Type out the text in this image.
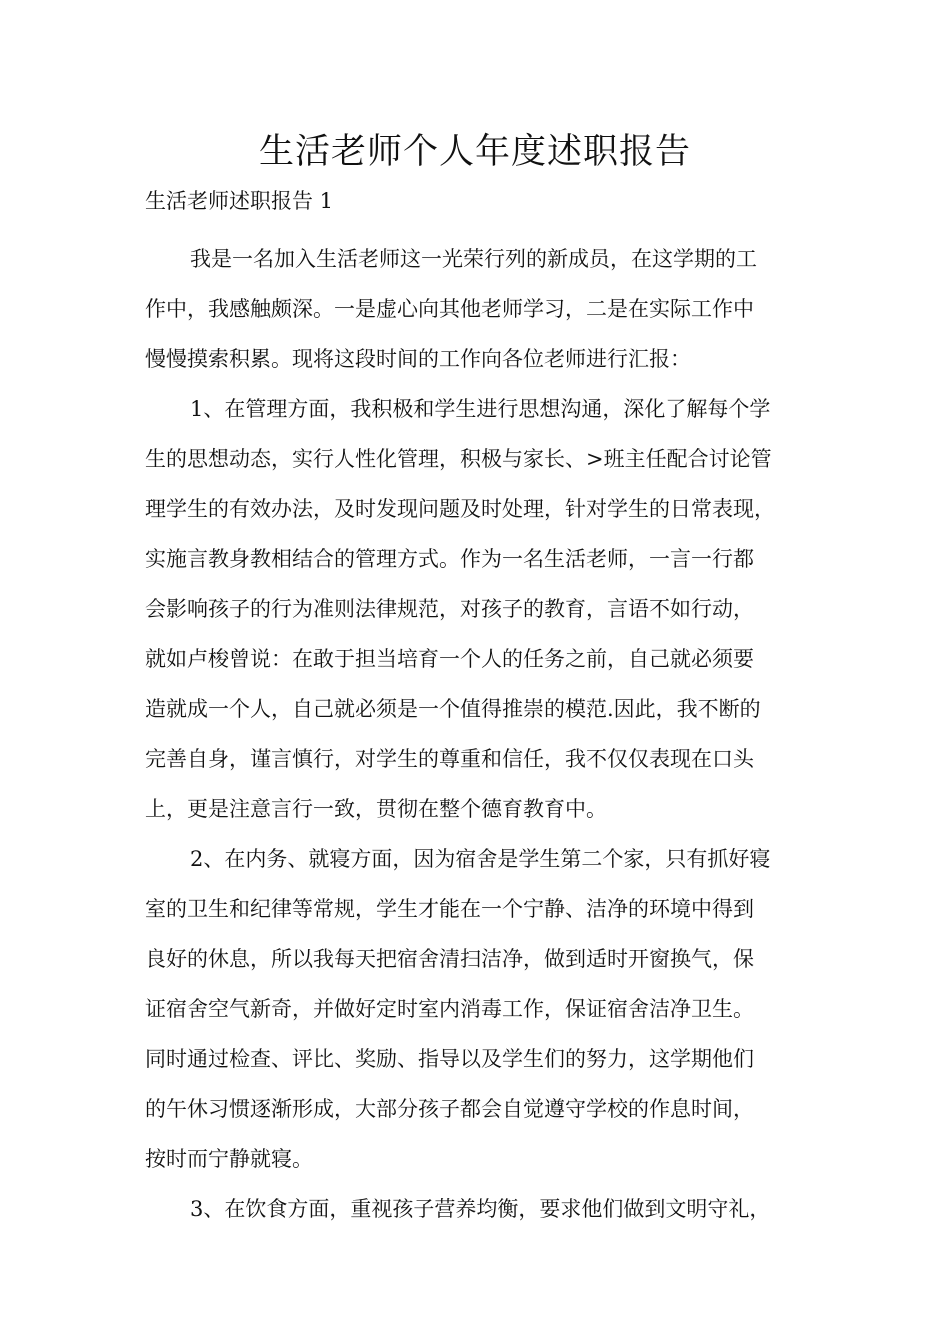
生活老师个人年度述职报告

生活老师述职报告 1

我是一名加入生活老师这一光荣行列的新成员，在这学期的工
作中，我感触颇深。一是虚心向其他老师学习，二是在实际工作中
慢慢摸索积累。现将这段时间的工作向各位老师进行汇报：
1、在管理方面，我积极和学生进行思想沟通，深化了解每个学
生的思想动态，实行人性化管理，积极与家长、>班主任配合讨论管
理学生的有效办法，及时发现问题及时处理，针对学生的日常表现，
实施言教身教相结合的管理方式。作为一名生活老师，一言一行都
会影响孩子的行为准则法律规范，对孩子的教育，言语不如行动，
就如卢梭曾说：在敢于担当培育一个人的任务之前，自己就必须要
造就成一个人，自己就必须是一个值得推崇的模范.因此，我不断的
完善自身，谨言慎行，对学生的尊重和信任，我不仅仅表现在口头
上，更是注意言行一致，贯彻在整个德育教育中。
2、在内务、就寝方面，因为宿舍是学生第二个家，只有抓好寝
室的卫生和纪律等常规，学生才能在一个宁静、洁净的环境中得到
良好的休息，所以我每天把宿舍清扫洁净，做到适时开窗换气，保
证宿舍空气新奇，并做好定时室内消毒工作，保证宿舍洁净卫生。
同时通过检查、评比、奖励、指导以及学生们的努力，这学期他们
的午休习惯逐渐形成，大部分孩子都会自觉遵守学校的作息时间，
按时而宁静就寝。
3、在饮食方面，重视孩子营养均衡，要求他们做到文明守礼，
